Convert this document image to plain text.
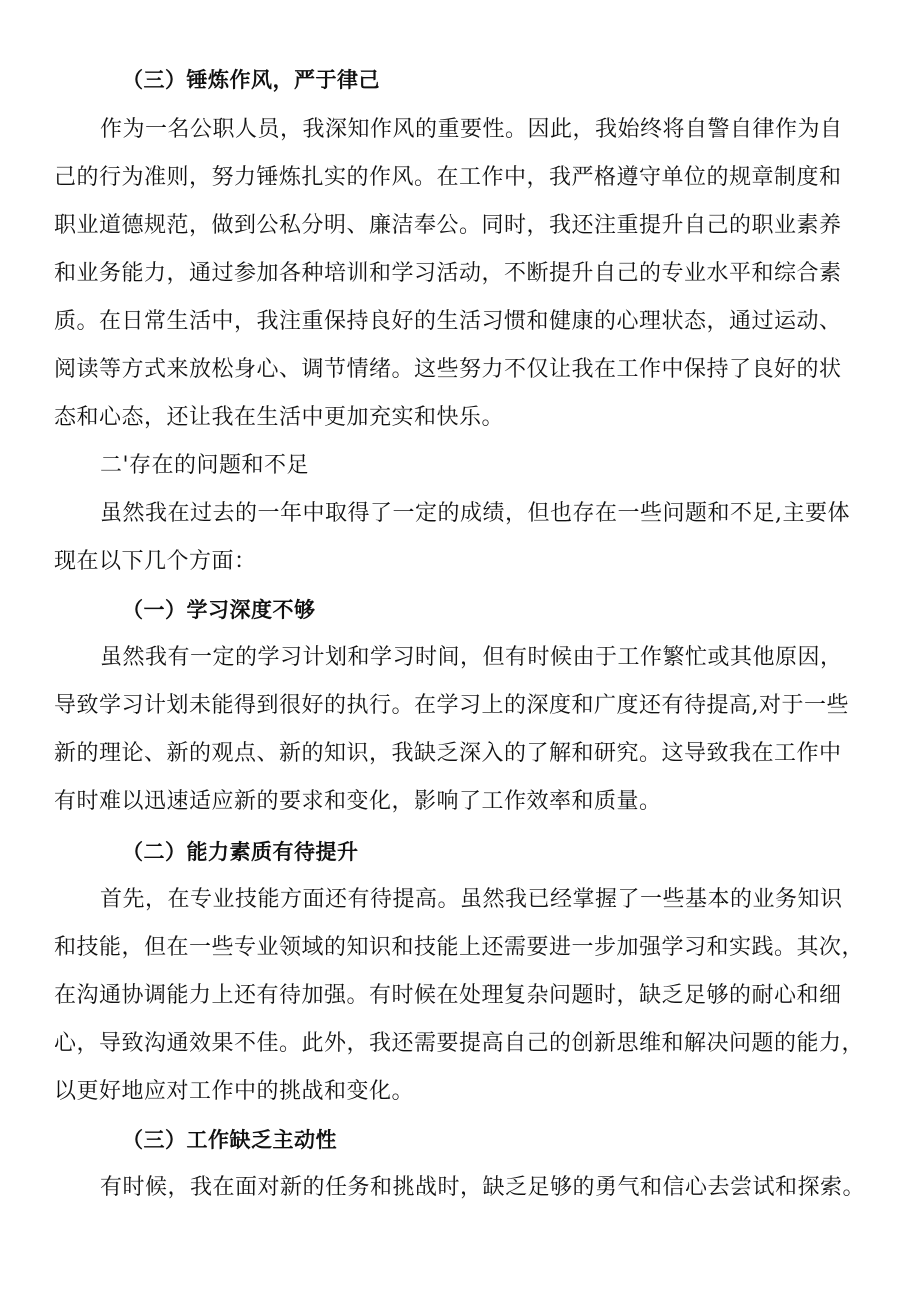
（三）锤炼作风，严于律己
作为一名公职人员，我深知作风的重要性。因此，我始终将自警自律作为自
己的行为准则，努力锤炼扎实的作风。在工作中，我严格遵守单位的规章制度和
职业道德规范，做到公私分明、廉洁奉公。同时，我还注重提升自己的职业素养
和业务能力，通过参加各种培训和学习活动，不断提升自己的专业水平和综合素
质。在日常生活中，我注重保持良好的生活习惯和健康的心理状态，通过运动、
阅读等方式来放松身心、调节情绪。这些努力不仅让我在工作中保持了良好的状
态和心态，还让我在生活中更加充实和快乐。
二'存在的问题和不足
虽然我在过去的一年中取得了一定的成绩，但也存在一些问题和不足,主要体
现在以下几个方面：
（一）学习深度不够
虽然我有一定的学习计划和学习时间，但有时候由于工作繁忙或其他原因，
导致学习计划未能得到很好的执行。在学习上的深度和广度还有待提高,对于一些
新的理论、新的观点、新的知识，我缺乏深入的了解和研究。这导致我在工作中
有时难以迅速适应新的要求和变化，影响了工作效率和质量。
（二）能力素质有待提升
首先，在专业技能方面还有待提高。虽然我已经掌握了一些基本的业务知识
和技能，但在一些专业领域的知识和技能上还需要进一步加强学习和实践。其次，
在沟通协调能力上还有待加强。有时候在处理复杂问题时，缺乏足够的耐心和细
心，导致沟通效果不佳。此外，我还需要提高自己的创新思维和解决问题的能力，
以更好地应对工作中的挑战和变化。
（三）工作缺乏主动性
有时候，我在面对新的任务和挑战时，缺乏足够的勇气和信心去尝试和探索。
